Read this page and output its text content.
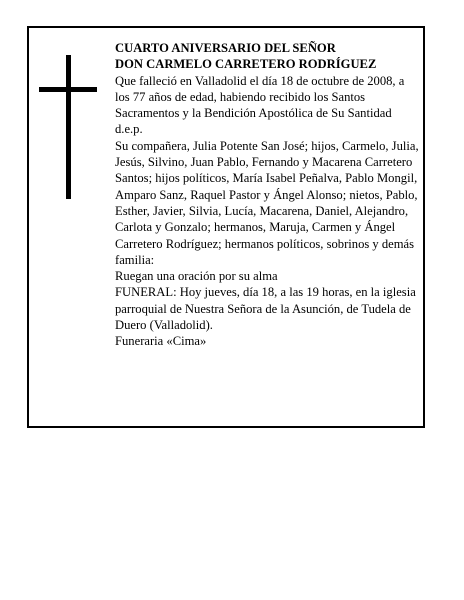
CUARTO ANIVERSARIO DEL SEÑOR

DON CARMELO CARRETERO RODRÍGUEZ

Que falleció en Valladolid el día 18 de octubre de 2008, a los 77 años de edad, habiendo recibido los Santos Sacramentos y la Bendición Apostólica de Su Santidad d.e.p.

Su compañera, Julia Potente San José; hijos, Carmelo, Julia, Jesús, Silvino, Juan Pablo, Fernando y Macarena Carretero Santos; hijos políticos, María Isabel Peñalva, Pablo Mongil, Amparo Sanz, Raquel Pastor y Ángel Alonso; nietos, Pablo, Esther, Javier, Silvia, Lucía, Macarena, Daniel, Alejandro, Carlota y Gonzalo; hermanos, Maruja, Carmen y Ángel Carretero Rodríguez; hermanos políticos, sobrinos y demás familia:

Ruegan una oración por su alma

FUNERAL: Hoy jueves, día 18, a las 19 horas, en la iglesia parroquial de Nuestra Señora de la Asunción, de Tudela de Duero (Valladolid).

Funeraria «Cima»
